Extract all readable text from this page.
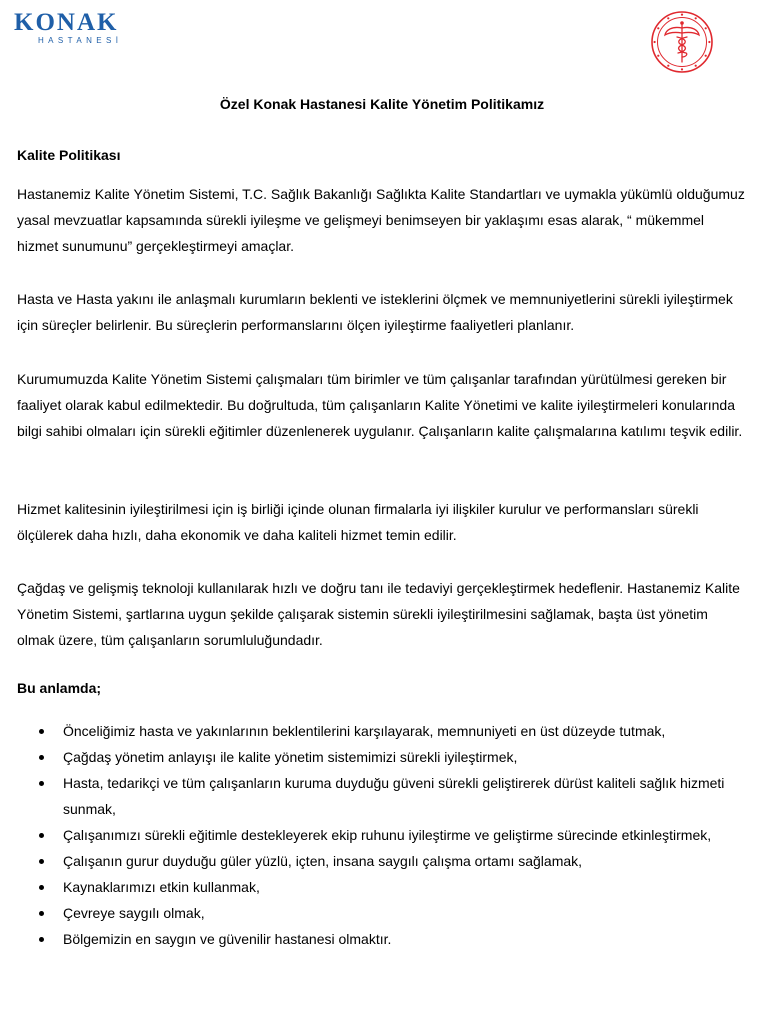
KONAK
HASTANESİ
Özel Konak Hastanesi Kalite Yönetim Politikamız
Kalite Politikası
Hastanemiz Kalite Yönetim Sistemi, T.C. Sağlık Bakanlığı Sağlıkta Kalite Standartları ve uymakla yükümlü olduğumuz yasal mevzuatlar kapsamında sürekli iyileşme ve gelişmeyi benimseyen bir yaklaşımı esas alarak, “ mükemmel hizmet sunumunu” gerçekleştirmeyi amaçlar.
Hasta ve Hasta yakını ile anlaşmalı kurumların beklenti ve isteklerini ölçmek ve memnuniyetlerini sürekli iyileştirmek için süreçler belirlenir. Bu süreçlerin performanslarını ölçen iyileştirme faaliyetleri planlanır.
Kurumumuzda Kalite Yönetim Sistemi çalışmaları tüm birimler ve tüm çalışanlar tarafından yürütülmesi gereken bir faaliyet olarak kabul edilmektedir. Bu doğrultuda, tüm çalışanların Kalite Yönetimi ve kalite iyileştirmeleri konularında bilgi sahibi olmaları için sürekli eğitimler düzenlenerek uygulanır. Çalışanların kalite çalışmalarına katılımı teşvik edilir.
Hizmet kalitesinin iyileştirilmesi için iş birliği içinde olunan firmalarla iyi ilişkiler kurulur ve performansları sürekli ölçülerek daha hızlı, daha ekonomik ve daha kaliteli hizmet temin edilir.
Çağdaş ve gelişmiş teknoloji kullanılarak hızlı ve doğru tanı ile tedaviyi gerçekleştirmek hedeflenir. Hastanemiz Kalite Yönetim Sistemi, şartlarına uygun şekilde çalışarak sistemin sürekli iyileştirilmesini sağlamak, başta üst yönetim olmak üzere, tüm çalışanların sorumluluğundadır.
Bu anlamda;
Önceliğimiz hasta ve yakınlarının beklentilerini karşılayarak, memnuniyeti en üst düzeyde tutmak,
Çağdaş yönetim anlayışı ile kalite yönetim sistemimizi sürekli iyileştirmek,
Hasta, tedarikçi ve tüm çalışanların kuruma duyduğu güveni sürekli geliştirerek dürüst kaliteli sağlık hizmeti sunmak,
Çalışanımızı sürekli eğitimle destekleyerek ekip ruhunu iyileştirme ve geliştirme sürecinde etkinleştirmek,
Çalışanın gurur duyduğu güler yüzlü, içten, insana saygılı çalışma ortamı sağlamak,
Kaynaklarımızı etkin kullanmak,
Çevreye saygılı olmak,
Bölgemizin en saygın ve güvenilir hastanesi olmaktır.
